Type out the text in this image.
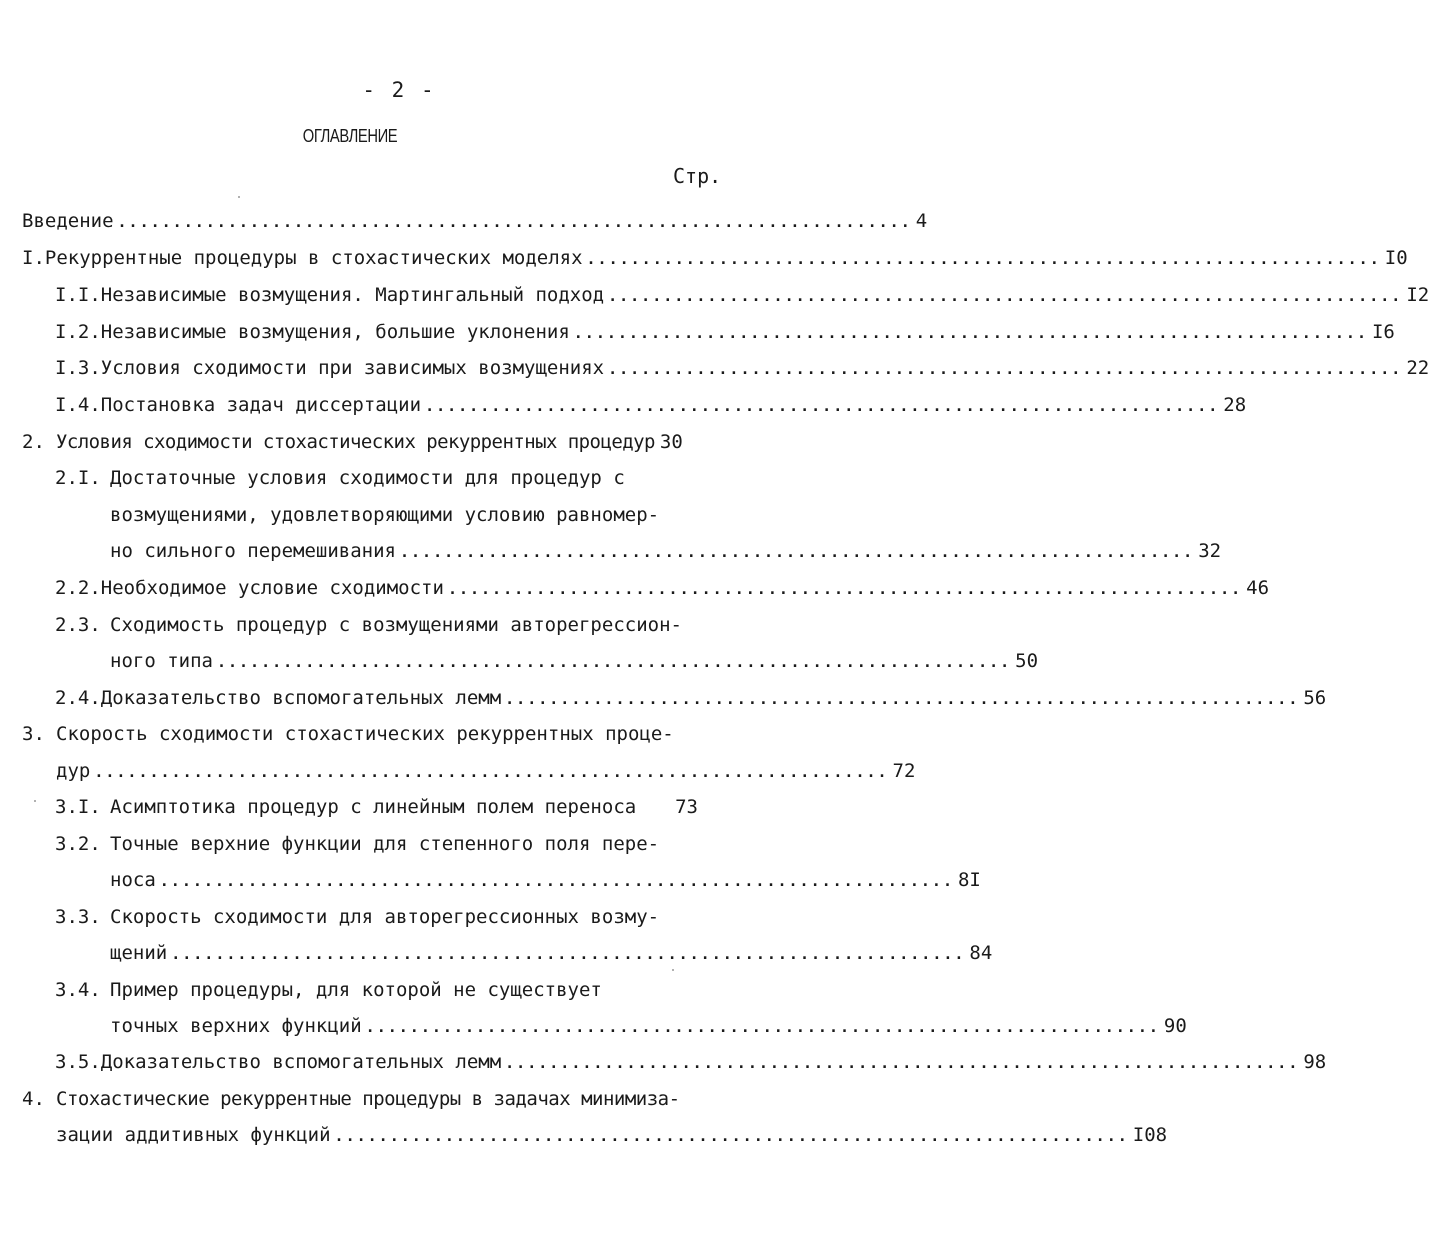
- 2 -
ОГЛАВЛЕНИЕ
Стр.
Введение ........................................................................ 4
I. Рекуррентные процедуры в стохастических моделях ........................................................................ I0
I.I. Независимые возмущения. Мартингальный подход ........................................................................ I2
I.2. Независимые возмущения, большие уклонения ........................................................................ I6
I.3. Условия сходимости при зависимых возмущениях ........................................................................ 22
I.4. Постановка задач диссертации ........................................................................ 28
2. Условия сходимости стохастических рекуррентных процедур 30
2.I. Достаточные условия сходимости для процедур с
возмущениями, удовлетворяющими условию равномер-
но сильного перемешивания ........................................................................ 32
2.2. Необходимое условие сходимости ........................................................................ 46
2.3. Сходимость процедур с возмущениями авторегрессион-
ного типа ........................................................................ 50
2.4. Доказательство вспомогательных лемм ........................................................................ 56
3. Скорость сходимости стохастических рекуррентных проце-
дур ........................................................................ 72
3.I. Асимптотика процедур с линейным полем переноса 73
3.2. Точные верхние функции для степенного поля пере-
носа ........................................................................ 8I
3.3. Скорость сходимости для авторегрессионных возму-
щений ........................................................................ 84
3.4. Пример процедуры, для которой не существует
точных верхних функций ........................................................................ 90
3.5. Доказательство вспомогательных лемм ........................................................................ 98
4. Стохастические рекуррентные процедуры в задачах минимиза-
зации аддитивных функций ........................................................................ I08
